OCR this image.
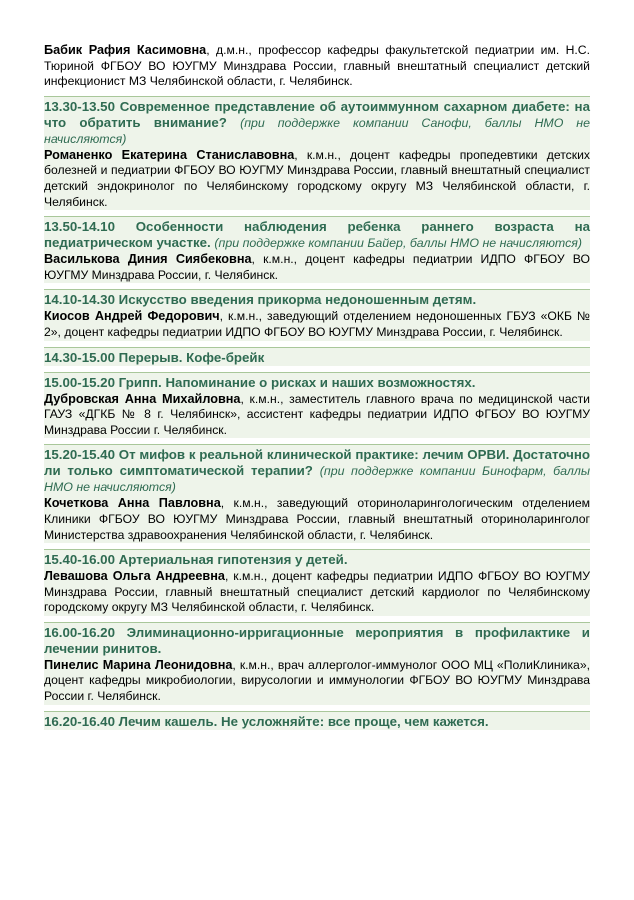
Бабик Рафия Касимовна, д.м.н., профессор кафедры факультетской педиатрии им. Н.С. Тюриной ФГБОУ ВО ЮУГМУ Минздрава России, главный внештатный специалист детский инфекционист МЗ Челябинской области, г. Челябинск.
13.30-13.50 Современное представление об аутоиммунном сахарном диабете: на что обратить внимание? (при поддержке компании Санофи, баллы НМО не начисляются)
Романенко Екатерина Станиславовна, к.м.н., доцент кафедры пропедевтики детских болезней и педиатрии ФГБОУ ВО ЮУГМУ Минздрава России, главный внештатный специалист детский эндокринолог по Челябинскому городскому округу МЗ Челябинской области, г. Челябинск.
13.50-14.10 Особенности наблюдения ребенка раннего возраста на педиатрическом участке. (при поддержке компании Байер, баллы НМО не начисляются)
Василькова Диния Сиябековна, к.м.н., доцент кафедры педиатрии ИДПО ФГБОУ ВО ЮУГМУ Минздрава России, г. Челябинск.
14.10-14.30 Искусство введения прикорма недоношенным детям.
Киосов Андрей Федорович, к.м.н., заведующий отделением недоношенных ГБУЗ «ОКБ № 2», доцент кафедры педиатрии ИДПО ФГБОУ ВО ЮУГМУ Минздрава России, г. Челябинск.
14.30-15.00 Перерыв. Кофе-брейк
15.00-15.20 Грипп. Напоминание о рисках и наших возможностях.
Дубровская Анна Михайловна, к.м.н., заместитель главного врача по медицинской части ГАУЗ «ДГКБ № 8 г. Челябинск», ассистент кафедры педиатрии ИДПО ФГБОУ ВО ЮУГМУ Минздрава России г. Челябинск.
15.20-15.40 От мифов к реальной клинической практике: лечим ОРВИ. Достаточно ли только симптоматической терапии? (при поддержке компании Бинофарм, баллы НМО не начисляются)
Кочеткова Анна Павловна, к.м.н., заведующий оториноларингологическим отделением Клиники ФГБОУ ВО ЮУГМУ Минздрава России, главный внештатный оториноларинголог Министерства здравоохранения Челябинской области, г. Челябинск.
15.40-16.00 Артериальная гипотензия у детей.
Левашова Ольга Андреевна, к.м.н., доцент кафедры педиатрии ИДПО ФГБОУ ВО ЮУГМУ Минздрава России, главный внештатный специалист детский кардиолог по Челябинскому городскому округу МЗ Челябинской области, г. Челябинск.
16.00-16.20 Элиминационно-ирригационные мероприятия в профилактике и лечении ринитов.
Пинелис Марина Леонидовна, к.м.н., врач аллерголог-иммунолог ООО МЦ «ПолиКлиника», доцент кафедры микробиологии, вирусологии и иммунологии ФГБОУ ВО ЮУГМУ Минздрава России г. Челябинск.
16.20-16.40 Лечим кашель. Не усложняйте: все проще, чем кажется.
